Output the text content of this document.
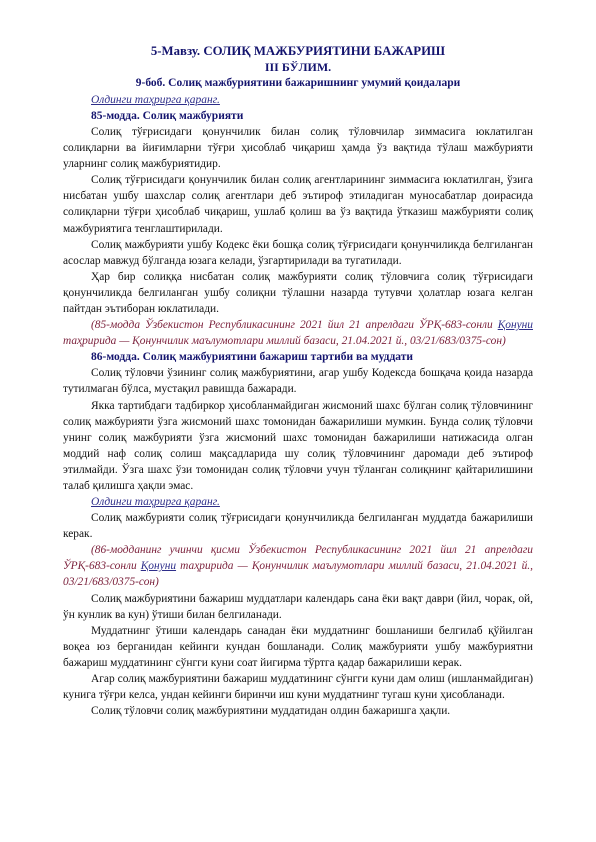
5-Мавзу. СОЛИҚ МАЖБУРИЯТИНИ БАЖАРИШ
III БЎЛИМ.
9-боб. Солиқ мажбуриятини бажаришнинг умумий қоидалари
Олдинги таҳрирга қаранг.
85-модда. Солиқ мажбурияти

Солиқ тўғрисидаги қонунчилик билан солиқ тўловчилар зиммасига юклатилган солиқларни ва йиғимларни тўғри ҳисоблаб чиқариш ҳамда ўз вақтида тўлаш мажбурияти уларнинг солиқ мажбуриятидир.

Солиқ тўғрисидаги қонунчилик билан солиқ агентларининг зиммасига юклатилган, ўзига нисбатан ушбу шахслар солиқ агентлари деб эътироф этиладиган муносабатлар доирасида солиқларни тўғри ҳисоблаб чиқариш, ушлаб қолиш ва ўз вақтида ўтказиш мажбурияти солиқ мажбуриятига тенглаштирилади.

Солиқ мажбурияти ушбу Кодекс ёки бошқа солиқ тўғрисидаги қонунчиликда белгиланган асослар мавжуд бўлганда юзага келади, ўзгартирилади ва тугатилади.

Ҳар бир солиққа нисбатан солиқ мажбурияти солиқ тўловчига солиқ тўғрисидаги қонунчиликда белгиланган ушбу солиқни тўлашни назарда тутувчи ҳолатлар юзага келган пайтдан эътиборан юклатилади.

(85-модда Ўзбекистон Республикасининг 2021 йил 21 апрелдаги ЎРҚ-683-сонли Қонуни таҳририда — Қонунчилик маълумотлари миллий базаси, 21.04.2021 й., 03/21/683/0375-сон)

86-модда. Солиқ мажбуриятини бажариш тартиби ва муддати

Солиқ тўловчи ўзининг солиқ мажбуриятини, агар ушбу Кодексда бошқача қоида назарда тутилмаган бўлса, мустақил равишда бажаради.

Якка тартибдаги тадбиркор ҳисобланмайдиган жисмоний шахс бўлган солиқ тўловчининг солиқ мажбурияти ўзга жисмоний шахс томонидан бажарилиши мумкин. Бунда солиқ тўловчи унинг солиқ мажбурияти ўзга жисмоний шахс томонидан бажарилиши натижасида олган моддий наф солиқ солиш мақсадларида шу солиқ тўловчининг даромади деб эътироф этилмайди. Ўзга шахс ўзи томонидан солиқ тўловчи учун тўланган солиқнинг қайтарилишини талаб қилишга ҳақли эмас.

Олдинги таҳрирга қаранг.

Солиқ мажбурияти солиқ тўғрисидаги қонунчиликда белгиланган муддатда бажарилиши керак.

(86-модданинг учинчи қисми Ўзбекистон Республикасининг 2021 йил 21 апрелдаги ЎРҚ-683-сонли Қонуни таҳририда — Қонунчилик маълумотлари миллий базаси, 21.04.2021 й., 03/21/683/0375-сон)

Солиқ мажбуриятини бажариш муддатлари календарь сана ёки вақт даври (йил, чорак, ой, ўн кунлик ва кун) ўтиши билан белгиланади.

Муддатнинг ўтиши календарь санадан ёки муддатнинг бошланиши белгилаб қўйилган воқеа юз берганидан кейинги кундан бошланади. Солиқ мажбурияти ушбу мажбуриятни бажариш муддатининг сўнгги куни соат йигирма тўртга қадар бажарилиши керак.

Агар солиқ мажбуриятини бажариш муддатининг сўнгги куни дам олиш (ишланмайдиган) кунига тўғри келса, ундан кейинги биринчи иш куни муддатнинг тугаш куни ҳисобланади.

Солиқ тўловчи солиқ мажбуриятини муддатидан олдин бажаришга ҳақли.
